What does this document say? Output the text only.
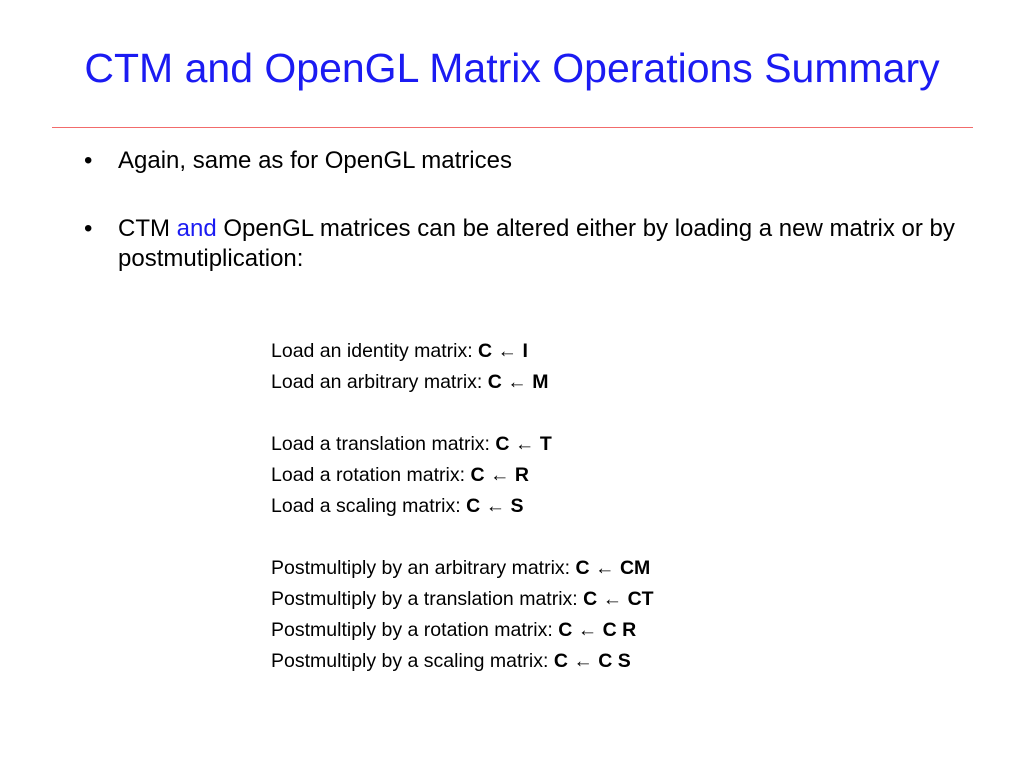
CTM and OpenGL Matrix Operations Summary
• Again, same as for OpenGL matrices
• CTM and OpenGL matrices can be altered either by loading a new matrix or by postmutiplication:
Load an identity matrix: C ← I
Load an arbitrary matrix: C ← M
Load a translation matrix: C ← T
Load a rotation matrix: C ← R
Load a scaling matrix: C ← S
Postmultiply by an arbitrary matrix: C ← CM
Postmultiply by a translation matrix: C ← CT
Postmultiply by a rotation matrix: C ← C R
Postmultiply by a scaling matrix: C ← C S
